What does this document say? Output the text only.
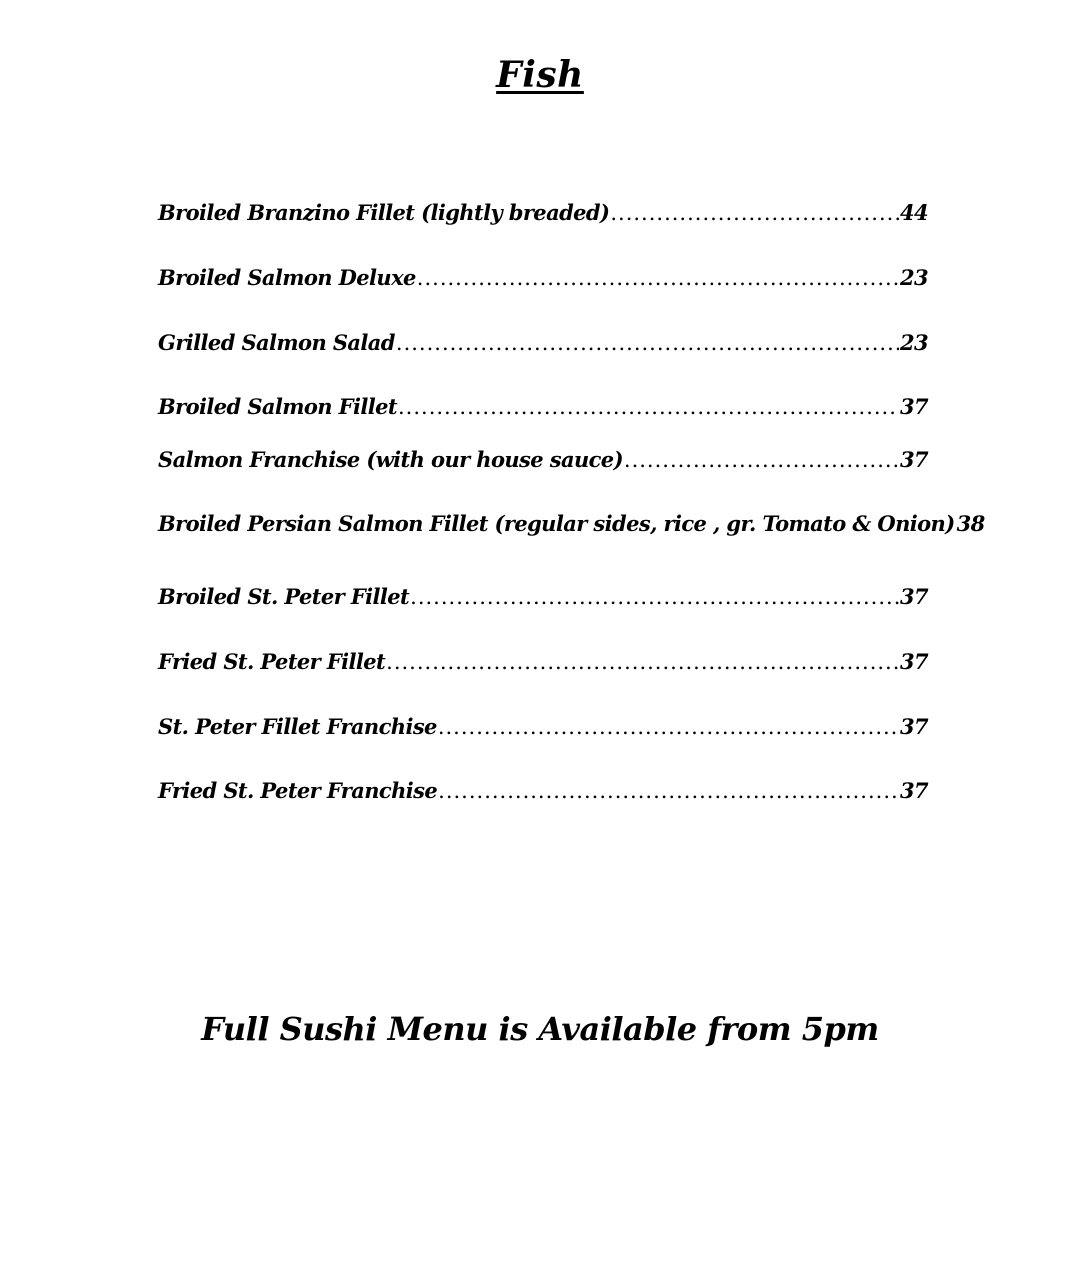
Fish
Broiled Branzino Fillet (lightly breaded) .....	44
Broiled Salmon Deluxe .....	23
Grilled Salmon Salad .....	23
Broiled Salmon Fillet .....	37
Salmon Franchise (with our house sauce) .....	37
Broiled Persian Salmon Fillet (regular sides, rice , gr. Tomato & Onion) 38
Broiled St. Peter Fillet .....	37
Fried St. Peter Fillet .....	37
St. Peter Fillet Franchise .....	37
Fried St. Peter Franchise .....	37
Full Sushi Menu is Available from 5pm
